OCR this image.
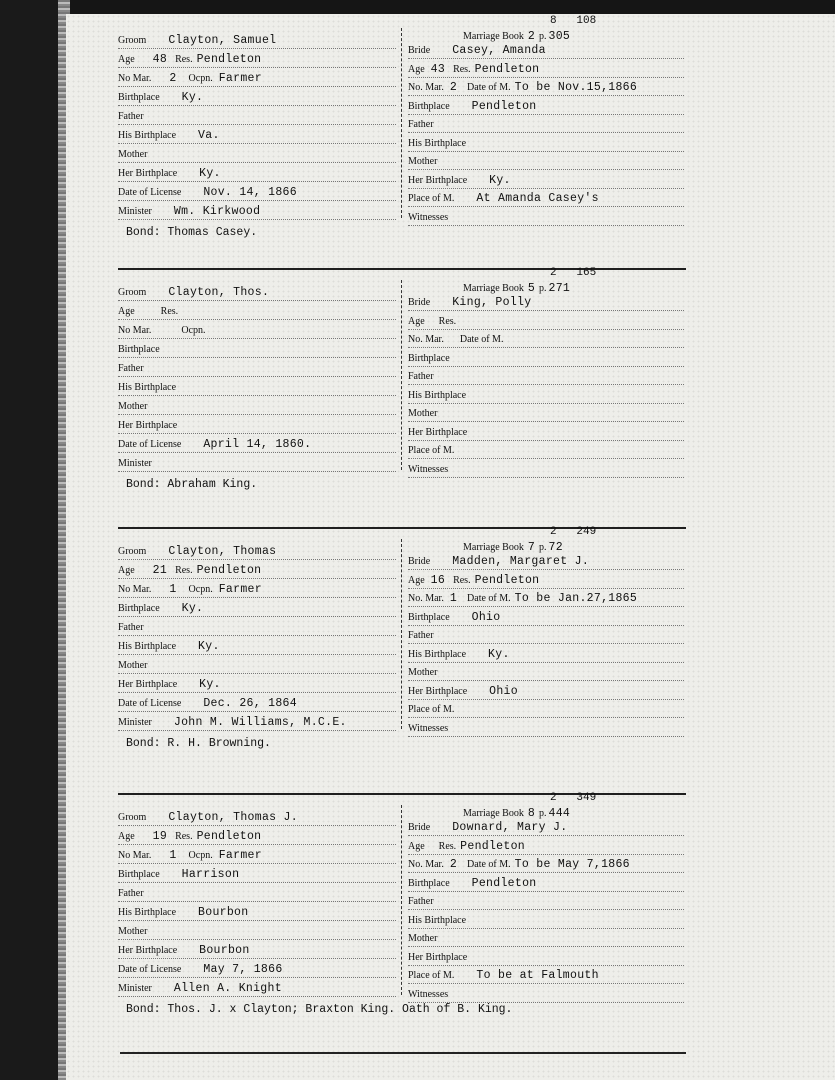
Marriage Book 2 p. 305
8   108
Groom Clayton, Samuel
Age 48 Res. Pendleton
No Mar. 2 Ocpn. Farmer
Birthplace Ky.
Father
His Birthplace Va.
Mother
Her Birthplace Ky.
Date of License Nov. 14, 1866
Minister Wm. Kirkwood
Bride Casey, Amanda
Age 43 Res. Pendleton
No. Mar. 2 Date of M. To be Nov.15,1866
Birthplace Pendleton
Father
His Birthplace
Mother
Her Birthplace Ky.
Place of M. At Amanda Casey's
Witnesses
Bond: Thomas Casey.
Marriage Book 5 p. 271
2   165
Groom Clayton, Thos.
Age	Res.
No Mar.	Ocpn.
Birthplace
Father
His Birthplace
Mother
Her Birthplace
Date of License April 14, 1860.
Minister
Bride King, Polly
Age Res.
No. Mar. Date of M.
Birthplace
Father
His Birthplace
Mother
Her Birthplace
Place of M.
Witnesses
Bond: Abraham King.
Marriage Book 7 p. 72
2   249
Groom Clayton, Thomas
Age 21 Res. Pendleton
No Mar. 1 Ocpn. Farmer
Birthplace Ky.
Father
His Birthplace Ky.
Mother
Her Birthplace Ky.
Date of License Dec. 26, 1864
Minister John M. Williams, M.C.E.
Bride Madden, Margaret J.
Age 16 Res. Pendleton
No. Mar. 1 Date of M. To be Jan.27,1865
Birthplace Ohio
Father
His Birthplace Ky.
Mother
Her Birthplace Ohio
Place of M.
Witnesses
Bond: R. H. Browning.
Marriage Book 8 p. 444
2   349
Groom Clayton, Thomas J.
Age 19 Res. Pendleton
No Mar. 1 Ocpn. Farmer
Birthplace Harrison
Father
His Birthplace Bourbon
Mother
Her Birthplace Bourbon
Date of License May 7, 1866
Minister Allen A. Knight
Bride Downard, Mary J.
Age Res. Pendleton
No. Mar. 2 Date of M. To be May 7,1866
Birthplace Pendleton
Father
His Birthplace
Mother
Her Birthplace
Place of M. To be at Falmouth
Witnesses
Bond: Thos. J. x Clayton; Braxton King. Oath of B. King.
